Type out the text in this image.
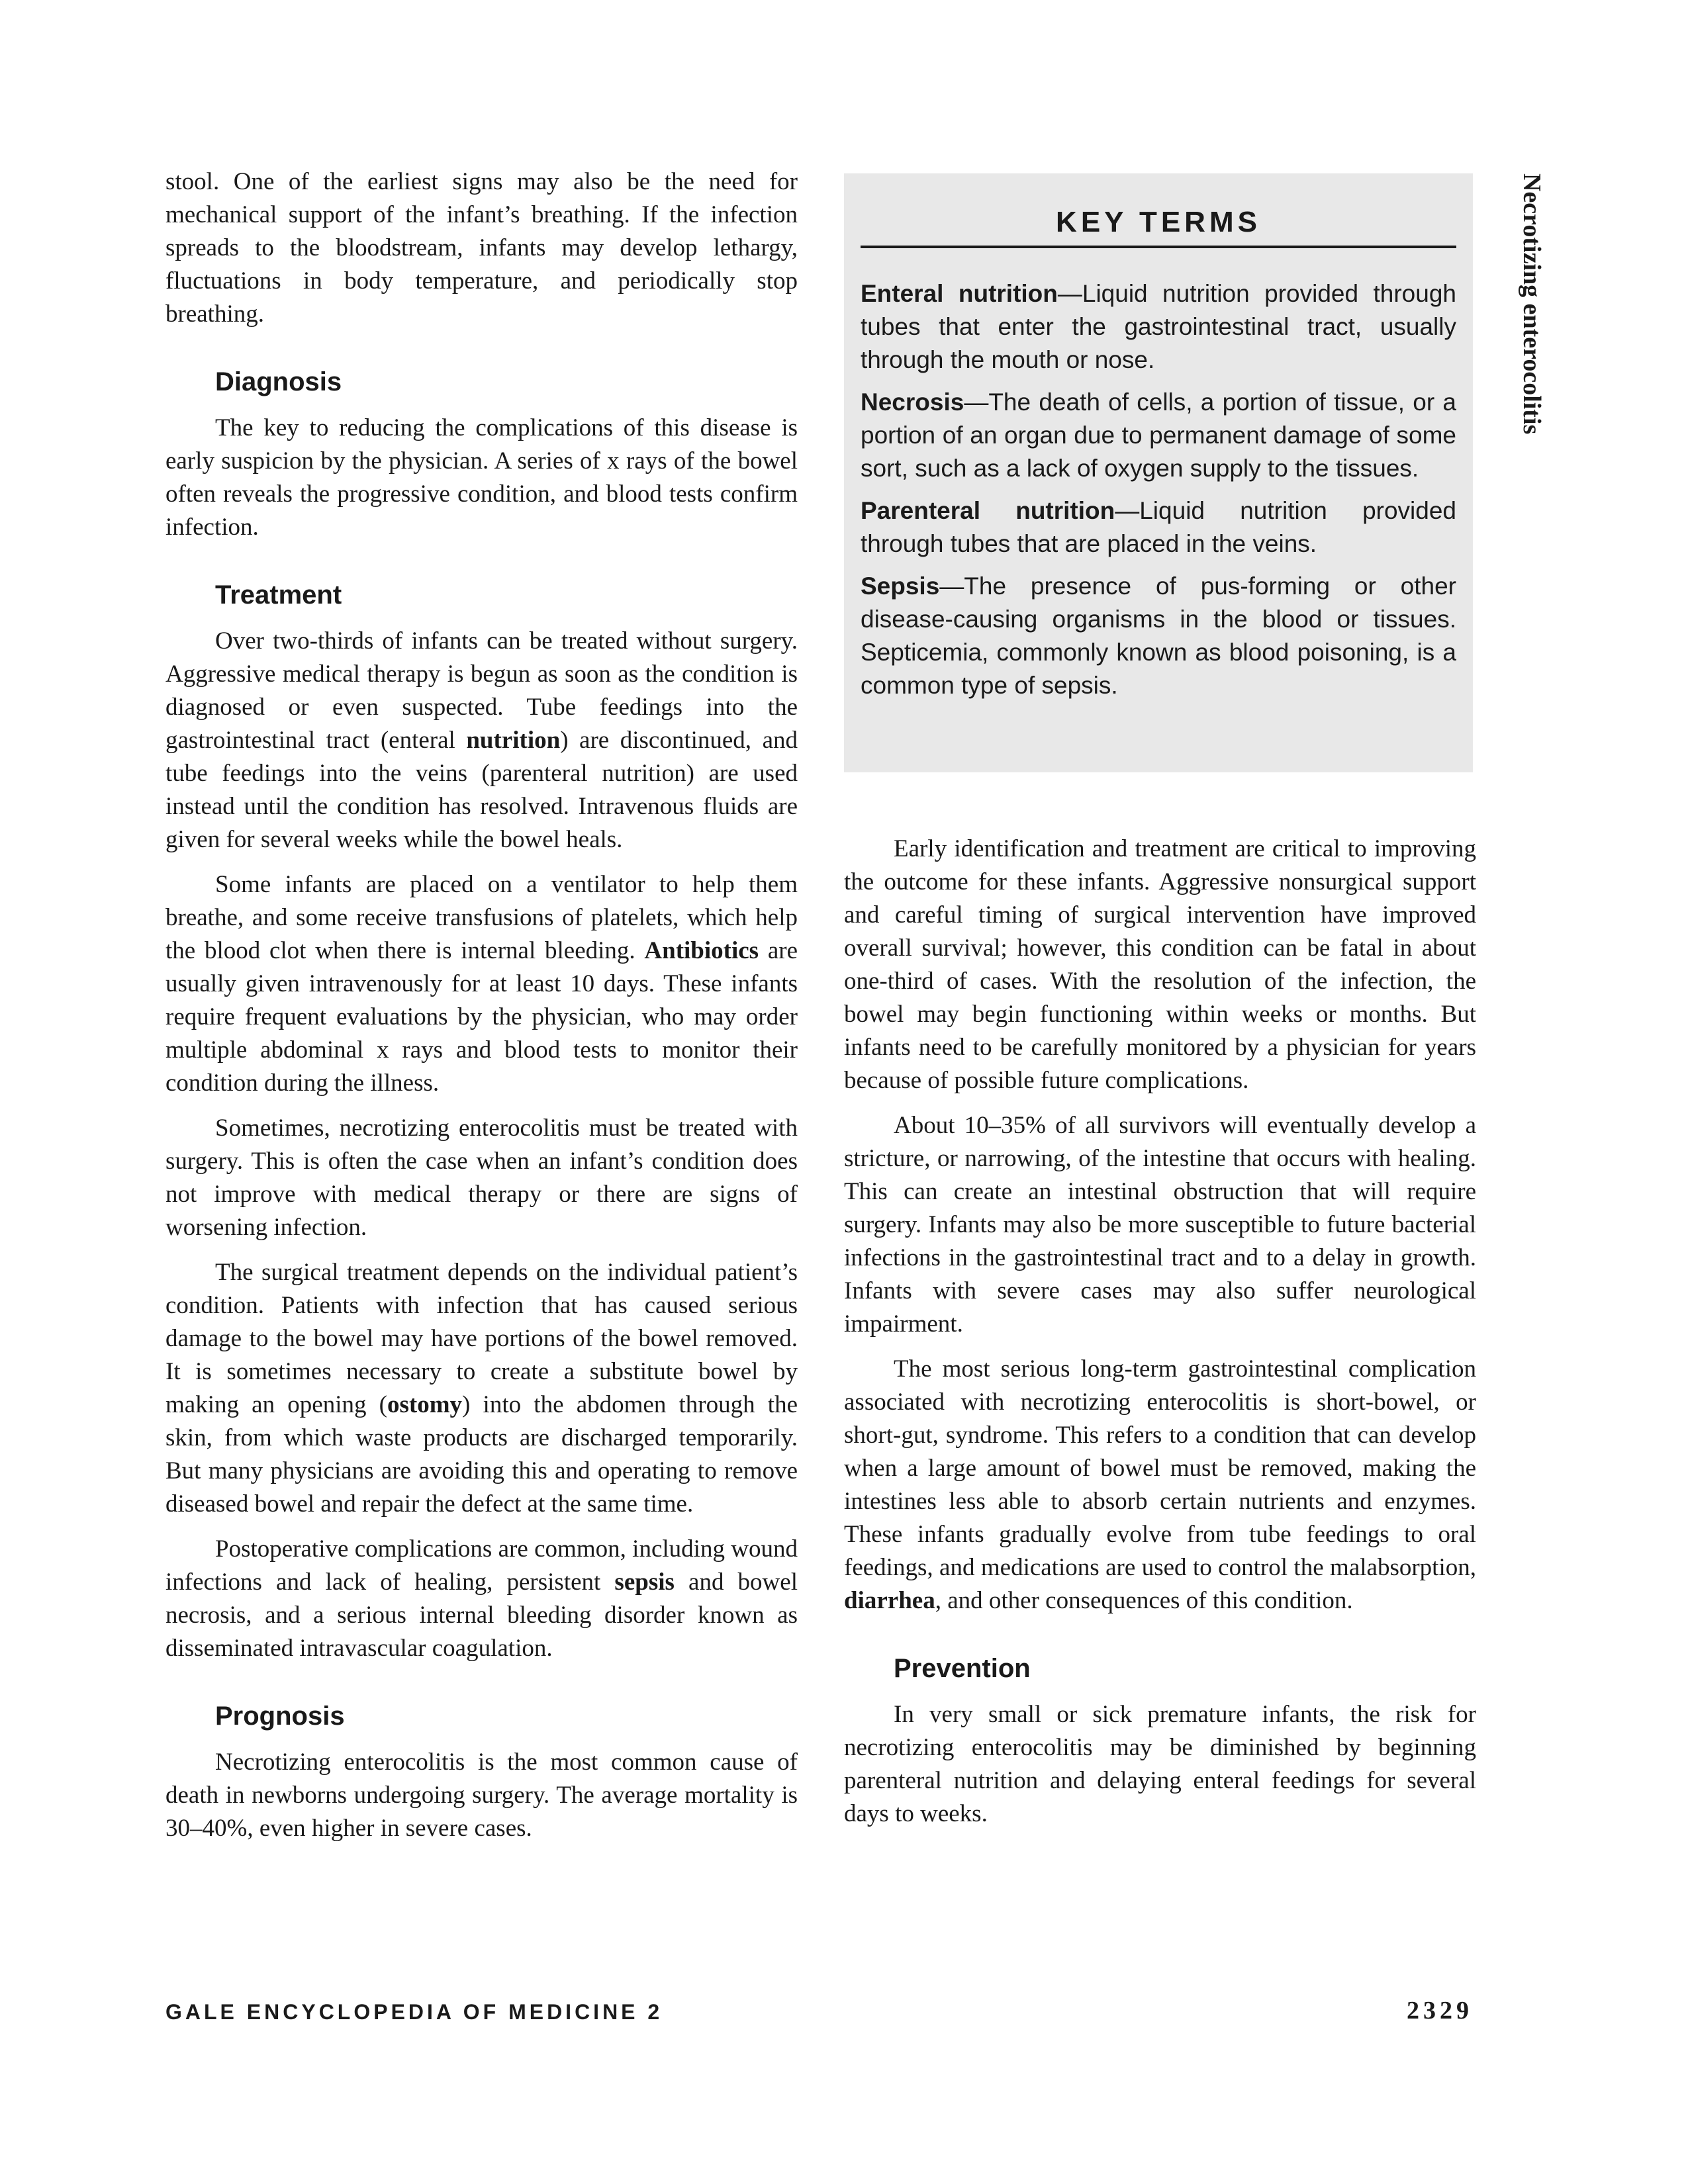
stool. One of the earliest signs may also be the need for mechanical support of the infant’s breathing. If the infection spreads to the bloodstream, infants may develop lethargy, fluctuations in body temperature, and periodically stop breathing.

Diagnosis

The key to reducing the complications of this disease is early suspicion by the physician. A series of x rays of the bowel often reveals the progressive condition, and blood tests confirm infection.

Treatment

Over two-thirds of infants can be treated without surgery. Aggressive medical therapy is begun as soon as the condition is diagnosed or even suspected. Tube feedings into the gastrointestinal tract (enteral nutrition) are discontinued, and tube feedings into the veins (parenteral nutrition) are used instead until the condition has resolved. Intravenous fluids are given for several weeks while the bowel heals.

Some infants are placed on a ventilator to help them breathe, and some receive transfusions of platelets, which help the blood clot when there is internal bleeding. Antibiotics are usually given intravenously for at least 10 days. These infants require frequent evaluations by the physician, who may order multiple abdominal x rays and blood tests to monitor their condition during the illness.

Sometimes, necrotizing enterocolitis must be treated with surgery. This is often the case when an infant’s condition does not improve with medical therapy or there are signs of worsening infection.

The surgical treatment depends on the individual patient’s condition. Patients with infection that has caused serious damage to the bowel may have portions of the bowel removed. It is sometimes necessary to create a substitute bowel by making an opening (ostomy) into the abdomen through the skin, from which waste products are discharged temporarily. But many physicians are avoiding this and operating to remove diseased bowel and repair the defect at the same time.

Postoperative complications are common, including wound infections and lack of healing, persistent sepsis and bowel necrosis, and a serious internal bleeding disorder known as disseminated intravascular coagulation.

Prognosis

Necrotizing enterocolitis is the most common cause of death in newborns undergoing surgery. The average mortality is 30–40%, even higher in severe cases.

KEY TERMS

Enteral nutrition—Liquid nutrition provided through tubes that enter the gastrointestinal tract, usually through the mouth or nose.

Necrosis—The death of cells, a portion of tissue, or a portion of an organ due to permanent damage of some sort, such as a lack of oxygen supply to the tissues.

Parenteral nutrition—Liquid nutrition provided through tubes that are placed in the veins.

Sepsis—The presence of pus-forming or other disease-causing organisms in the blood or tissues. Septicemia, commonly known as blood poisoning, is a common type of sepsis.

Early identification and treatment are critical to improving the outcome for these infants. Aggressive nonsurgical support and careful timing of surgical intervention have improved overall survival; however, this condition can be fatal in about one-third of cases. With the resolution of the infection, the bowel may begin functioning within weeks or months. But infants need to be carefully monitored by a physician for years because of possible future complications.

About 10–35% of all survivors will eventually develop a stricture, or narrowing, of the intestine that occurs with healing. This can create an intestinal obstruction that will require surgery. Infants may also be more susceptible to future bacterial infections in the gastrointestinal tract and to a delay in growth. Infants with severe cases may also suffer neurological impairment.

The most serious long-term gastrointestinal complication associated with necrotizing enterocolitis is short-bowel, or short-gut, syndrome. This refers to a condition that can develop when a large amount of bowel must be removed, making the intestines less able to absorb certain nutrients and enzymes. These infants gradually evolve from tube feedings to oral feedings, and medications are used to control the malabsorption, diarrhea, and other consequences of this condition.

Prevention

In very small or sick premature infants, the risk for necrotizing enterocolitis may be diminished by beginning parenteral nutrition and delaying enteral feedings for several days to weeks.

Necrotizing enterocolitis
GALE ENCYCLOPEDIA OF MEDICINE 2	2329
